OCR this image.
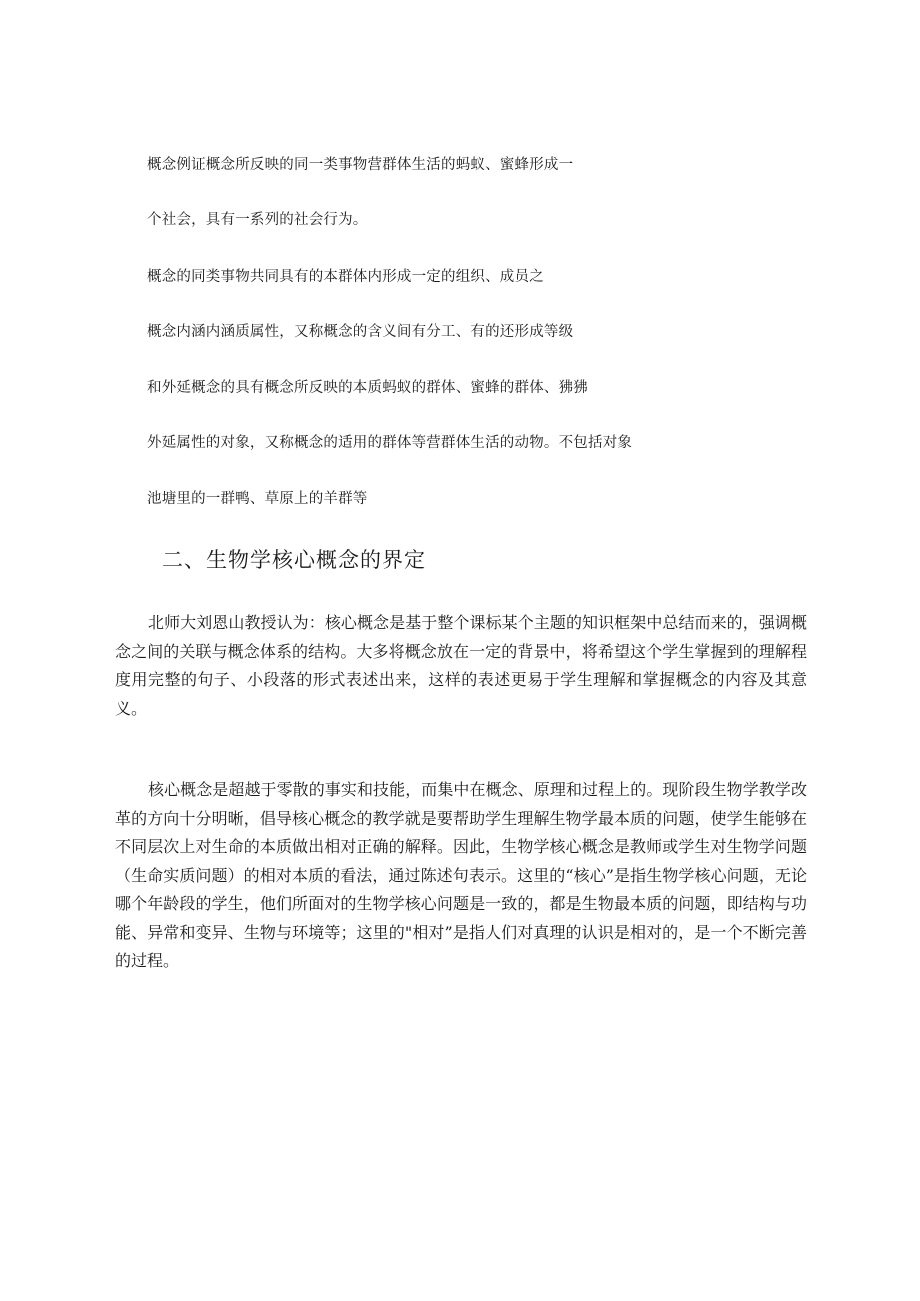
概念例证概念所反映的同一类事物营群体生活的蚂蚁、蜜蜂形成一
个社会，具有一系列的社会行为。
概念的同类事物共同具有的本群体内形成一定的组织、成员之
概念内涵内涵质属性，又称概念的含义间有分工、有的还形成等级
和外延概念的具有概念所反映的本质蚂蚁的群体、蜜蜂的群体、狒狒
外延属性的对象，又称概念的适用的群体等营群体生活的动物。不包括对象
池塘里的一群鸭、草原上的羊群等
二、生物学核心概念的界定

北师大刘恩山教授认为：核心概念是基于整个课标某个主题的知识框架中总结而来的，强调概念之间的关联与概念体系的结构。大多将概念放在一定的背景中，将希望这个学生掌握到的理解程度用完整的句子、小段落的形式表述出来，这样的表述更易于学生理解和掌握概念的内容及其意义。

核心概念是超越于零散的事实和技能，而集中在概念、原理和过程上的。现阶段生物学教学改革的方向十分明晰，倡导核心概念的教学就是要帮助学生理解生物学最本质的问题，使学生能够在不同层次上对生命的本质做出相对正确的解释。因此，生物学核心概念是教师或学生对生物学问题（生命实质问题）的相对本质的看法，通过陈述句表示。这里的“核心”是指生物学核心问题，无论哪个年龄段的学生，他们所面对的生物学核心问题是一致的，都是生物最本质的问题，即结构与功能、异常和变异、生物与环境等；这里的"相对”是指人们对真理的认识是相对的，是一个不断完善的过程。
